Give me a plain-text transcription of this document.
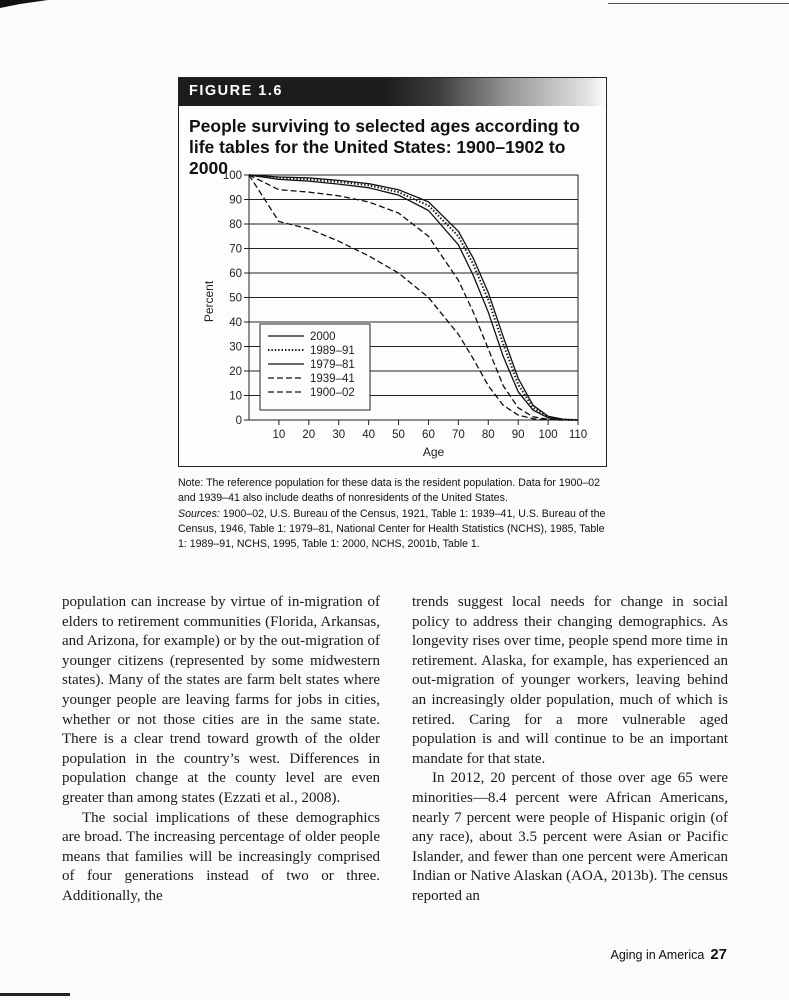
FIGURE 1.6
People surviving to selected ages according to life tables for the United States: 1900–1902 to 2000
0
10
20
30
40
50
60
70
80
90
100
10 20 30 40 50 60 70 80 90 100 110
Age
Percent
2000
1989–91
1979–81
1939–41
1900–02

Note: The reference population for these data is the resident population. Data for 1900–02 and 1939–41 also include deaths of nonresidents of the United States.

Sources: 1900–02, U.S. Bureau of the Census, 1921, Table 1: 1939–41, U.S. Bureau of the Census, 1946, Table 1: 1979–81, National Center for Health Statistics (NCHS), 1985, Table 1: 1989–91, NCHS, 1995, Table 1: 2000, NCHS, 2001b, Table 1.

population can increase by virtue of in-migration of elders to retirement communities (Florida, Arkansas, and Arizona, for example) or by the out-migration of younger citizens (represented by some midwestern states). Many of the states are farm belt states where younger people are leaving farms for jobs in cities, whether or not those cities are in the same state. There is a clear trend toward growth of the older population in the country’s west. Differences in population change at the county level are even greater than among states (Ezzati et al., 2008).

The social implications of these demographics are broad. The increasing percentage of older people means that families will be increasingly comprised of four generations instead of two or three. Additionally, the

trends suggest local needs for change in social policy to address their changing demographics. As longevity rises over time, people spend more time in retirement. Alaska, for example, has experienced an out-migration of younger workers, leaving behind an increasingly older population, much of which is retired. Caring for a more vulnerable aged population is and will continue to be an important mandate for that state.

In 2012, 20 percent of those over age 65 were minorities—8.4 percent were African Americans, nearly 7 percent were people of Hispanic origin (of any race), about 3.5 percent were Asian or Pacific Islander, and fewer than one percent were American Indian or Native Alaskan (AOA, 2013b). The census reported an

Aging in America 27
